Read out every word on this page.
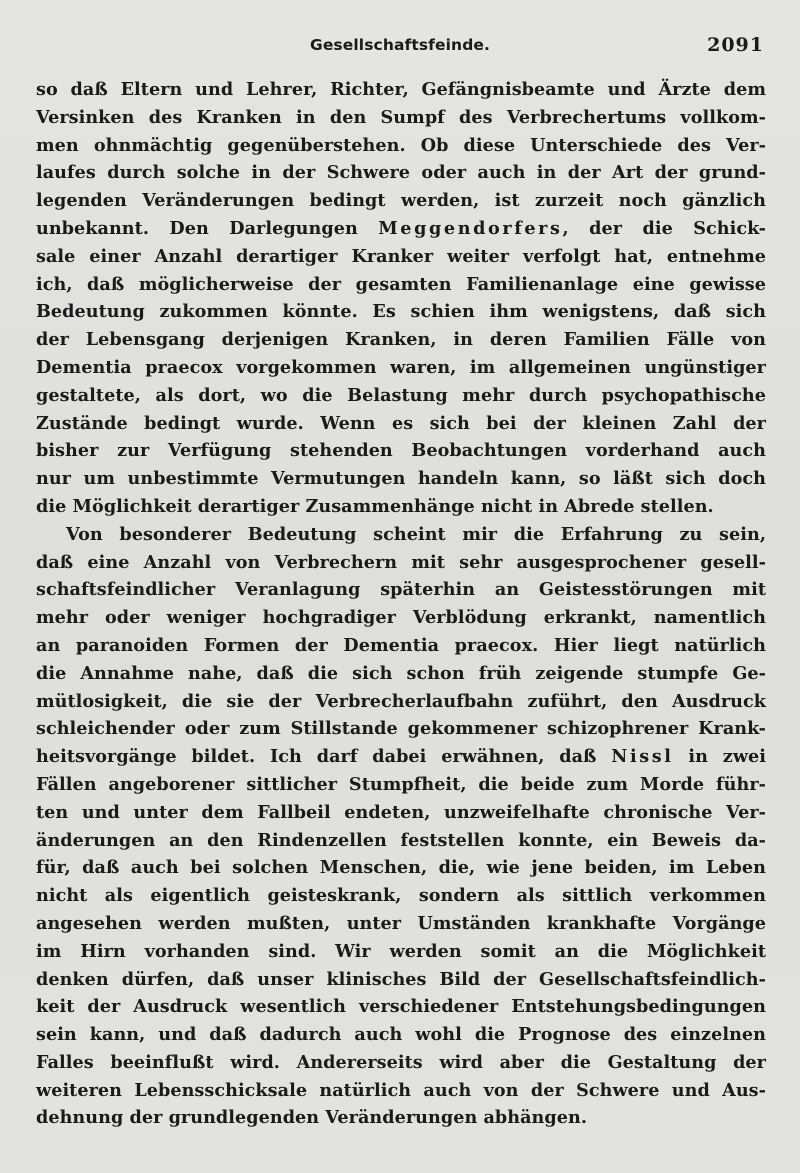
Gesellschaftsfeinde.	2091
so daß Eltern und Lehrer, Richter, Gefängnisbeamte und Ärzte dem
Versinken des Kranken in den Sumpf des Verbrechertums vollkom-
men ohnmächtig gegenüberstehen. Ob diese Unterschiede des Ver-
laufes durch solche in der Schwere oder auch in der Art der grund-
legenden Veränderungen bedingt werden, ist zurzeit noch gänzlich
unbekannt. Den Darlegungen Meggendorfers, der die Schick-
sale einer Anzahl derartiger Kranker weiter verfolgt hat, entnehme
ich, daß möglicherweise der gesamten Familienanlage eine gewisse
Bedeutung zukommen könnte. Es schien ihm wenigstens, daß sich
der Lebensgang derjenigen Kranken, in deren Familien Fälle von
Dementia praecox vorgekommen waren, im allgemeinen ungünstiger
gestaltete, als dort, wo die Belastung mehr durch psychopathische
Zustände bedingt wurde. Wenn es sich bei der kleinen Zahl der
bisher zur Verfügung stehenden Beobachtungen vorderhand auch
nur um unbestimmte Vermutungen handeln kann, so läßt sich doch
die Möglichkeit derartiger Zusammenhänge nicht in Abrede stellen.
Von besonderer Bedeutung scheint mir die Erfahrung zu sein,
daß eine Anzahl von Verbrechern mit sehr ausgesprochener gesell-
schaftsfeindlicher Veranlagung späterhin an Geistesstörungen mit
mehr oder weniger hochgradiger Verblödung erkrankt, namentlich
an paranoiden Formen der Dementia praecox. Hier liegt natürlich
die Annahme nahe, daß die sich schon früh zeigende stumpfe Ge-
mütlosigkeit, die sie der Verbrecherlaufbahn zuführt, den Ausdruck
schleichender oder zum Stillstande gekommener schizophrener Krank-
heitsvorgänge bildet. Ich darf dabei erwähnen, daß Nissl in zwei
Fällen angeborener sittlicher Stumpfheit, die beide zum Morde führ-
ten und unter dem Fallbeil endeten, unzweifelhafte chronische Ver-
änderungen an den Rindenzellen feststellen konnte, ein Beweis da-
für, daß auch bei solchen Menschen, die, wie jene beiden, im Leben
nicht als eigentlich geisteskrank, sondern als sittlich verkommen
angesehen werden mußten, unter Umständen krankhafte Vorgänge
im Hirn vorhanden sind. Wir werden somit an die Möglichkeit
denken dürfen, daß unser klinisches Bild der Gesellschaftsfeindlich-
keit der Ausdruck wesentlich verschiedener Entstehungsbedingungen
sein kann, und daß dadurch auch wohl die Prognose des einzelnen
Falles beeinflußt wird. Andererseits wird aber die Gestaltung der
weiteren Lebensschicksale natürlich auch von der Schwere und Aus-
dehnung der grundlegenden Veränderungen abhängen.
